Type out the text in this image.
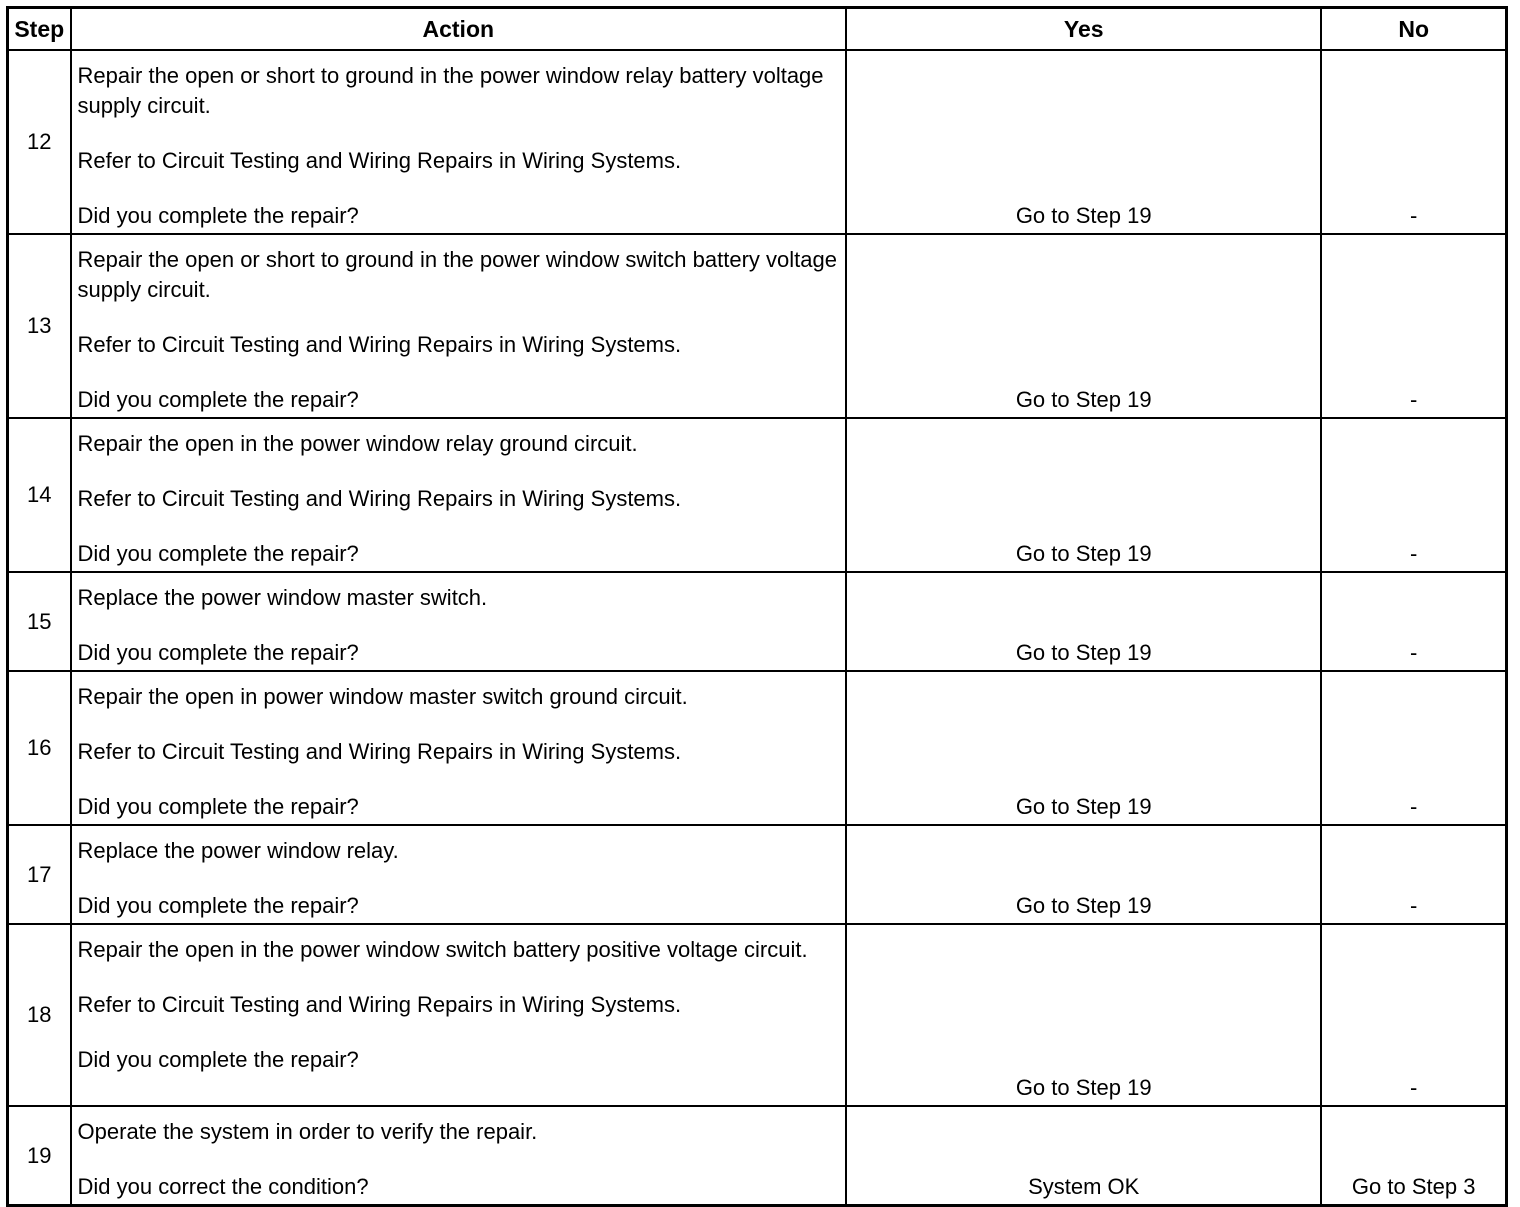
Step	Action	Yes	No
12	Repair the open or short to ground in the power window relay battery voltage supply circuit.
Refer to Circuit Testing and Wiring Repairs in Wiring Systems.
Did you complete the repair?	Go to Step 19	-
13	Repair the open or short to ground in the power window switch battery voltage supply circuit.
Refer to Circuit Testing and Wiring Repairs in Wiring Systems.
Did you complete the repair?	Go to Step 19	-
14	Repair the open in the power window relay ground circuit.
Refer to Circuit Testing and Wiring Repairs in Wiring Systems.
Did you complete the repair?	Go to Step 19	-
15	Replace the power window master switch.
Did you complete the repair?	Go to Step 19	-
16	Repair the open in power window master switch ground circuit.
Refer to Circuit Testing and Wiring Repairs in Wiring Systems.
Did you complete the repair?	Go to Step 19	-
17	Replace the power window relay.
Did you complete the repair?	Go to Step 19	-
18	Repair the open in the power window switch battery positive voltage circuit.
Refer to Circuit Testing and Wiring Repairs in Wiring Systems.
Did you complete the repair?	Go to Step 19	-
19	Operate the system in order to verify the repair.
Did you correct the condition?	System OK	Go to Step 3
